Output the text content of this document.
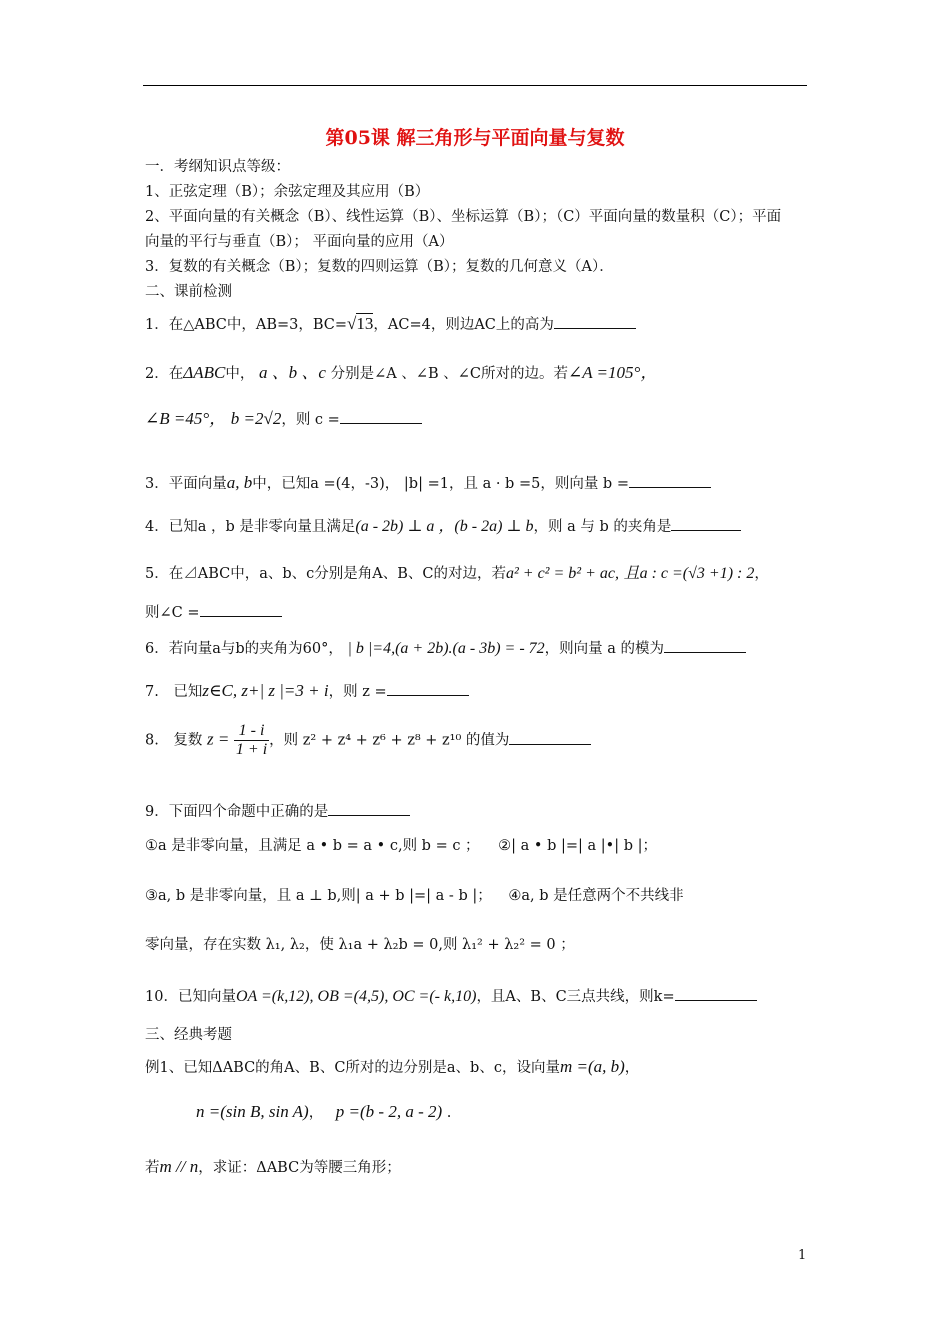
第05课 解三角形与平面向量与复数
一．考纲知识点等级：
1、正弦定理（B）；余弦定理及其应用（B）
2、平面向量的有关概念（B）、线性运算（B）、坐标运算（B）；（C）平面向量的数量积（C）；平面
向量的平行与垂直（B）； 平面向量的应用（A）
3．复数的有关概念（B）；复数的四则运算（B）；复数的几何意义（A）．
二、课前检测
1．在△ABC中，AB=3，BC=√13，AC=4，则边AC上的高为
2．在ΔABC中， a 、b 、c 分别是∠A 、∠B 、∠C所对的边。若∠A =105°，
∠B =45°， b =2√2，则 c =
3．平面向量a, b中，已知a =(4，-3)， |b| =1，且 a · b =5，则向量 b =
4．已知a ，b 是非零向量且满足(a - 2b) ⊥ a ，(b - 2a) ⊥ b，则 a 与 b 的夹角是
5．在⊿ABC中，a、b、c分别是角A、B、C的对边，若a² + c² = b² + ac, 且a : c =(√3 +1) : 2，
则∠C =
6．若向量a与b的夹角为60°， | b |=4,(a + 2b).(a - 3b) = - 72，则向量 a 的模为
7.　已知z∈C, z+| z |=3 + i，则 z =
8.　复数 $z = \frac{1 - i}{1 + i}$ ，则 z² + z⁴ + z⁶ + z⁸ + z¹⁰ 的值为
9．下面四个命题中正确的是
①a 是非零向量，且满足 a • b = a • c,则 b = c ； ②| a • b |=| a |•| b |；
③a, b 是非零向量，且 a ⊥ b,则| a + b |=| a - b |； ④a, b 是任意两个不共线非
零向量，存在实数 λ₁, λ₂，使 λ₁a + λ₂b = 0,则 λ₁² + λ₂² = 0 ；
10．已知向量OA =(k,12), OB =(4,5), OC =(- k,10)，且A、B、C三点共线，则k=
三、经典考题
例1、已知ΔABC的角A、B、C所对的边分别是a、b、c，设向量m =(a, b)，
n =(sin B, sin A)， p =(b - 2, a - 2) .
若m // n，求证：ΔABC为等腰三角形；
1
